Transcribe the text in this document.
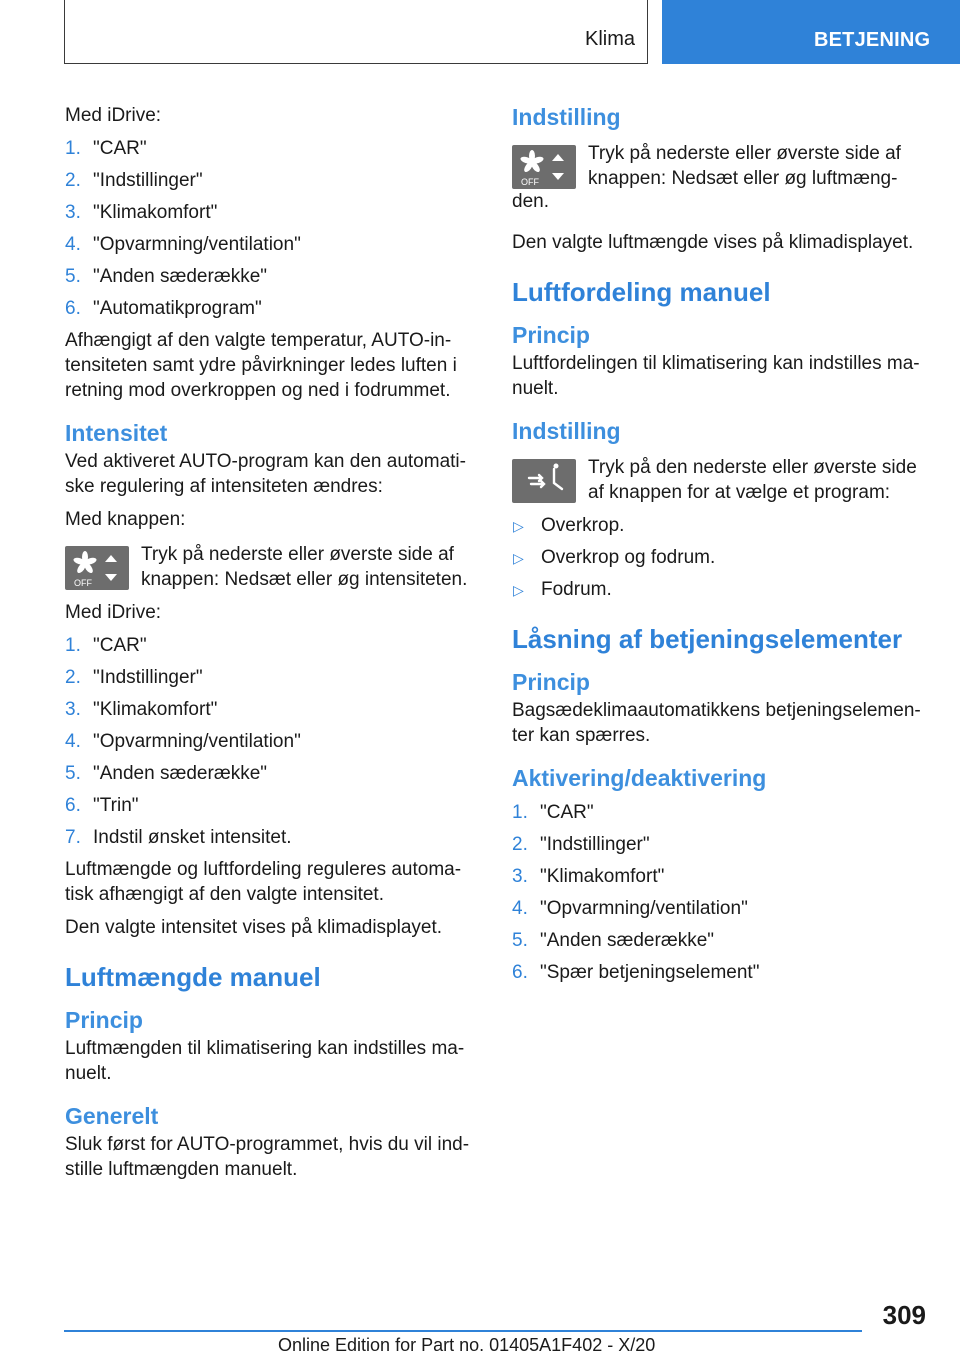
Klima	BETJENING

Med iDrive:

1. "CAR"
2. "Indstillinger"
3. "Klimakomfort"
4. "Opvarmning/ventilation"
5. "Anden sæderække"
6. "Automatikprogram"

Afhængigt af den valgte temperatur, AUTO-in-tensiteten samt ydre påvirkninger ledes luften i retning mod overkroppen og ned i fodrummet.

Intensitet

Ved aktiveret AUTO-program kan den automati-ske regulering af intensiteten ændres:

Med knappen:

OFF
Tryk på nederste eller øverste side af knappen: Nedsæt eller øg intensiteten.

Med iDrive:

1. "CAR"
2. "Indstillinger"
3. "Klimakomfort"
4. "Opvarmning/ventilation"
5. "Anden sæderække"
6. "Trin"
7. Indstil ønsket intensitet.

Luftmængde og luftfordeling reguleres automa-tisk afhængigt af den valgte intensitet.

Den valgte intensitet vises på klimadisplayet.

Luftmængde manuel
Princip

Luftmængden til klimatisering kan indstilles ma-nuelt.

Generelt

Sluk først for AUTO-programmet, hvis du vil ind-stille luftmængden manuelt.

Indstilling
OFF
Tryk på nederste eller øverste side af knappen: Nedsæt eller øg luftmæng-

den.

Den valgte luftmængde vises på klimadisplayet.

Luftfordeling manuel
Princip

Luftfordelingen til klimatisering kan indstilles ma-nuelt.

Indstilling
Tryk på den nederste eller øverste side af knappen for at vælge et program:
▷ Overkrop.
▷ Overkrop og fodrum.
▷ Fodrum.
Låsning af betjeningselementer
Princip

Bagsædeklimaautomatikkens betjeningselemen-ter kan spærres.

Aktivering/deaktivering
1. "CAR"
2. "Indstillinger"
3. "Klimakomfort"
4. "Opvarmning/ventilation"
5. "Anden sæderække"
6. "Spær betjeningselement"
309
Online Edition for Part no. 01405A1F402 - X/20
